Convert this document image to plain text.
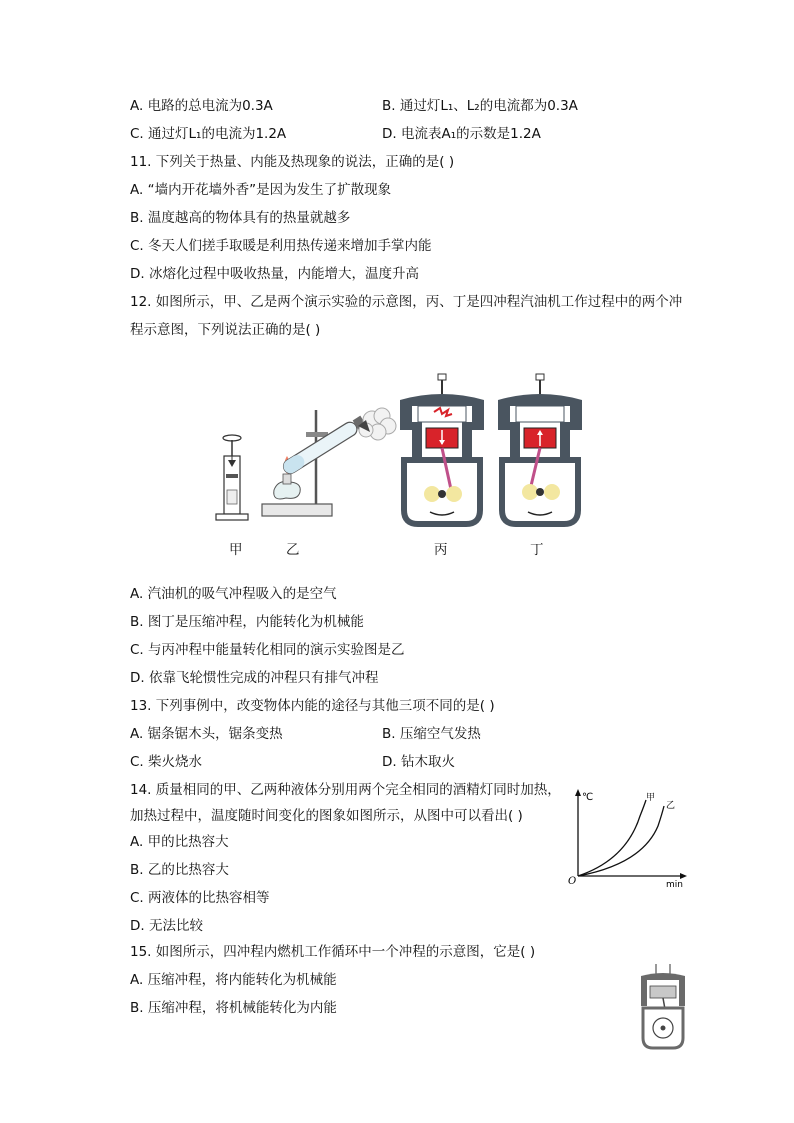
A. 电路的总电流为0.3A	B. 通过灯L₁、L₂的电流都为0.3A
C. 通过灯L₁的电流为1.2A	D. 电流表A₁的示数是1.2A
11. 下列关于热量、内能及热现象的说法，正确的是( )
A. “墙内开花墙外香”是因为发生了扩散现象
B. 温度越高的物体具有的热量就越多
C. 冬天人们搓手取暖是利用热传递来增加手掌内能
D. 冰熔化过程中吸收热量，内能增大，温度升高
12. 如图所示，甲、乙是两个演示实验的示意图，丙、丁是四冲程汽油机工作过程中的两个冲
程示意图，下列说法正确的是( )
甲	乙	丙	丁
A. 汽油机的吸气冲程吸入的是空气
B. 图丁是压缩冲程，内能转化为机械能
C. 与丙冲程中能量转化相同的演示实验图是乙
D. 依靠飞轮惯性完成的冲程只有排气冲程
13. 下列事例中，改变物体内能的途径与其他三项不同的是( )
A. 锯条锯木头，锯条变热	B. 压缩空气发热
C. 柴火烧水	D. 钻木取火
14. 质量相同的甲、乙两种液体分别用两个完全相同的酒精灯同时加热，
加热过程中，温度随时间变化的图象如图所示，从图中可以看出( )
A. 甲的比热容大
B. 乙的比热容大
C. 两液体的比热容相等
D. 无法比较
℃
min
O
甲
乙
15. 如图所示，四冲程内燃机工作循环中一个冲程的示意图，它是( )
A. 压缩冲程，将内能转化为机械能
B. 压缩冲程，将机械能转化为内能
